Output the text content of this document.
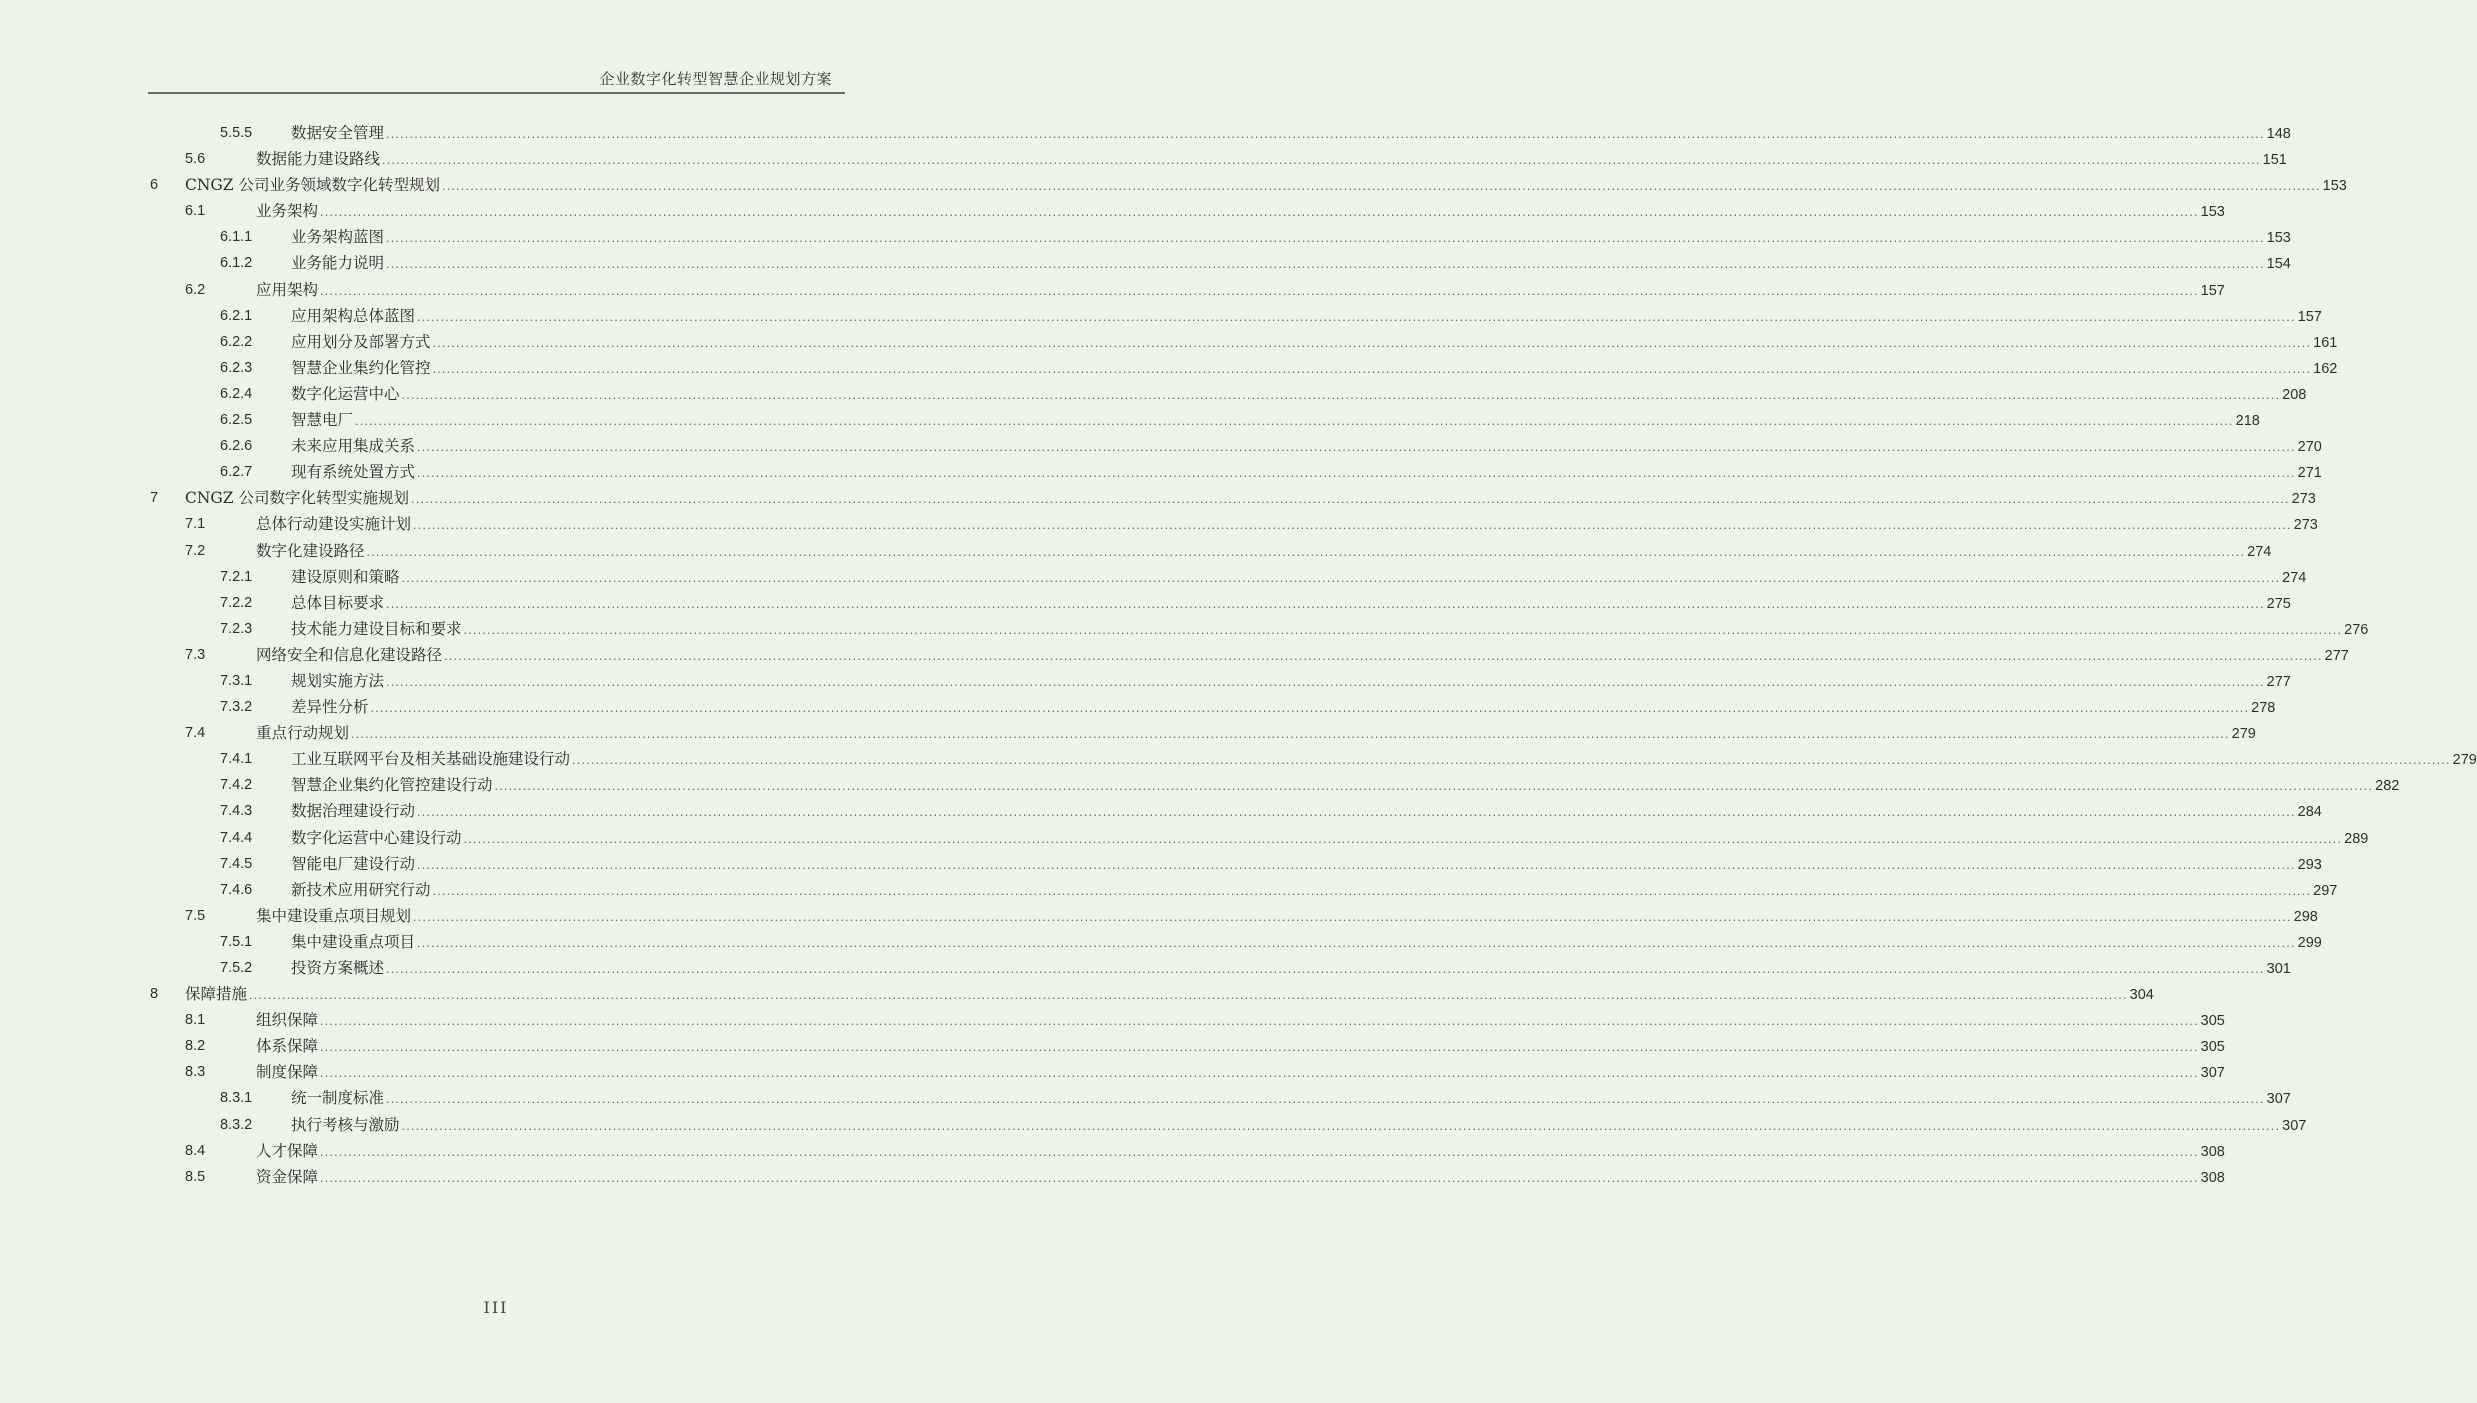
企业数字化转型智慧企业规划方案
5.5.5	数据安全管理 ................................................................................................................................................................................................................................................................................................................................................................................................................ 148
5.6	数据能力建设路线 ................................................................................................................................................................................................................................................................................................................................................................................................................ 151
6 CNGZ 公司业务领域数字化转型规划 ................................................................................................................................................................................................................................................................................................................................................................................................................ 153
6.1	业务架构 ................................................................................................................................................................................................................................................................................................................................................................................................................ 153
6.1.1	业务架构蓝图 ................................................................................................................................................................................................................................................................................................................................................................................................................ 153
6.1.2	业务能力说明 ................................................................................................................................................................................................................................................................................................................................................................................................................ 154
6.2	应用架构 ................................................................................................................................................................................................................................................................................................................................................................................................................ 157
6.2.1	应用架构总体蓝图 ................................................................................................................................................................................................................................................................................................................................................................................................................ 157
6.2.2	应用划分及部署方式 ................................................................................................................................................................................................................................................................................................................................................................................................................ 161
6.2.3	智慧企业集约化管控 ................................................................................................................................................................................................................................................................................................................................................................................................................ 162
6.2.4	数字化运营中心 ................................................................................................................................................................................................................................................................................................................................................................................................................ 208
6.2.5	智慧电厂 ................................................................................................................................................................................................................................................................................................................................................................................................................ 218
6.2.6	未来应用集成关系 ................................................................................................................................................................................................................................................................................................................................................................................................................ 270
6.2.7	现有系统处置方式 ................................................................................................................................................................................................................................................................................................................................................................................................................ 271
7 CNGZ 公司数字化转型实施规划 ................................................................................................................................................................................................................................................................................................................................................................................................................ 273
7.1	总体行动建设实施计划 ................................................................................................................................................................................................................................................................................................................................................................................................................ 273
7.2	数字化建设路径 ................................................................................................................................................................................................................................................................................................................................................................................................................ 274
7.2.1	建设原则和策略 ................................................................................................................................................................................................................................................................................................................................................................................................................ 274
7.2.2	总体目标要求 ................................................................................................................................................................................................................................................................................................................................................................................................................ 275
7.2.3	技术能力建设目标和要求 ................................................................................................................................................................................................................................................................................................................................................................................................................ 276
7.3	网络安全和信息化建设路径 ................................................................................................................................................................................................................................................................................................................................................................................................................ 277
7.3.1	规划实施方法 ................................................................................................................................................................................................................................................................................................................................................................................................................ 277
7.3.2	差异性分析 ................................................................................................................................................................................................................................................................................................................................................................................................................ 278
7.4	重点行动规划 ................................................................................................................................................................................................................................................................................................................................................................................................................ 279
7.4.1	工业互联网平台及相关基础设施建设行动 ................................................................................................................................................................................................................................................................................................................................................................................................................ 279
7.4.2	智慧企业集约化管控建设行动 ................................................................................................................................................................................................................................................................................................................................................................................................................ 282
7.4.3	数据治理建设行动 ................................................................................................................................................................................................................................................................................................................................................................................................................ 284
7.4.4	数字化运营中心建设行动 ................................................................................................................................................................................................................................................................................................................................................................................................................ 289
7.4.5	智能电厂建设行动 ................................................................................................................................................................................................................................................................................................................................................................................................................ 293
7.4.6	新技术应用研究行动 ................................................................................................................................................................................................................................................................................................................................................................................................................ 297
7.5	集中建设重点项目规划 ................................................................................................................................................................................................................................................................................................................................................................................................................ 298
7.5.1	集中建设重点项目 ................................................................................................................................................................................................................................................................................................................................................................................................................ 299
7.5.2	投资方案概述 ................................................................................................................................................................................................................................................................................................................................................................................................................ 301
8 保障措施 ................................................................................................................................................................................................................................................................................................................................................................................................................ 304
8.1	组织保障 ................................................................................................................................................................................................................................................................................................................................................................................................................ 305
8.2	体系保障 ................................................................................................................................................................................................................................................................................................................................................................................................................ 305
8.3	制度保障 ................................................................................................................................................................................................................................................................................................................................................................................................................ 307
8.3.1	统一制度标准 ................................................................................................................................................................................................................................................................................................................................................................................................................ 307
8.3.2	执行考核与激励 ................................................................................................................................................................................................................................................................................................................................................................................................................ 307
8.4	人才保障 ................................................................................................................................................................................................................................................................................................................................................................................................................ 308
8.5	资金保障 ................................................................................................................................................................................................................................................................................................................................................................................................................ 308
III
